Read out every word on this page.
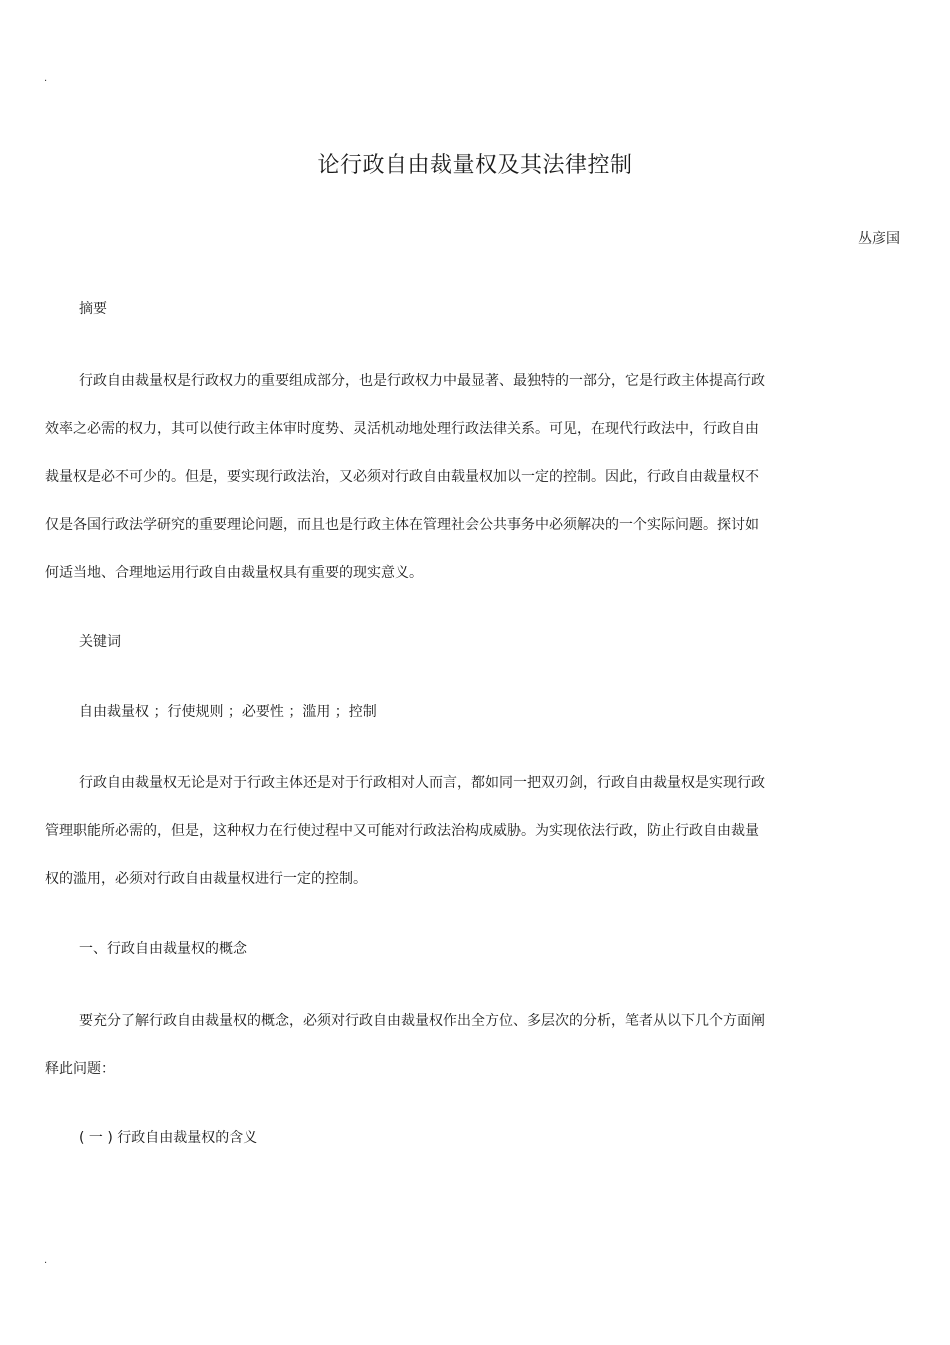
.
论行政自由裁量权及其法律控制
丛彦国
摘要
行政自由裁量权是行政权力的重要组成部分，也是行政权力中最显著、最独特的一部分，它是行政主体提高行政
效率之必需的权力，其可以使行政主体审时度势、灵活机动地处理行政法律关系。可见，在现代行政法中，行政自由
裁量权是必不可少的。但是，要实现行政法治，又必须对行政自由载量权加以一定的控制。因此，行政自由裁量权不
仅是各国行政法学研究的重要理论问题，而且也是行政主体在管理社会公共事务中必须解决的一个实际问题。探讨如
何适当地、合理地运用行政自由裁量权具有重要的现实意义。
关键词
自由裁量权 ；行使规则 ；必要性 ；滥用 ；控制
行政自由裁量权无论是对于行政主体还是对于行政相对人而言，都如同一把双刃剑，行政自由裁量权是实现行政
管理职能所必需的，但是，这种权力在行使过程中又可能对行政法治构成威胁。为实现依法行政，防止行政自由裁量
权的滥用，必须对行政自由裁量权进行一定的控制。
一、行政自由裁量权的概念
要充分了解行政自由裁量权的概念，必须对行政自由裁量权作出全方位、多层次的分析，笔者从以下几个方面阐
释此问题：
( 一 ) 行政自由裁量权的含义
.
